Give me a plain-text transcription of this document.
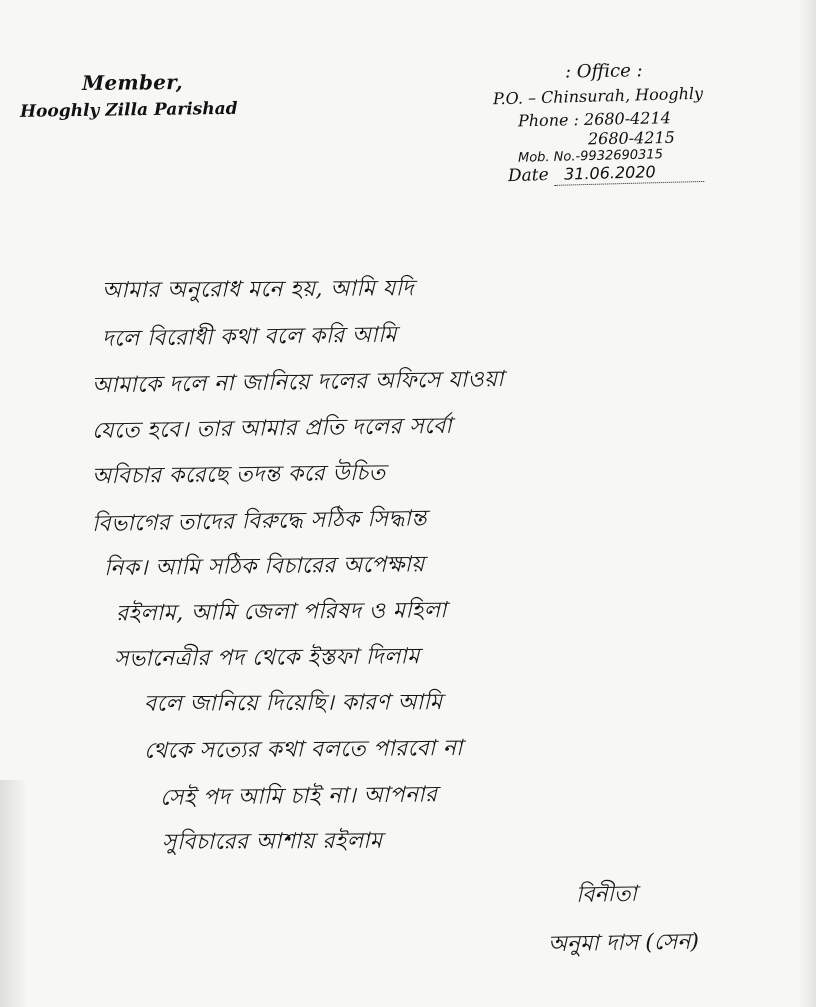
Member,
Hooghly Zilla Parishad
: Office :
P.O. – Chinsurah, Hooghly
Phone : 2680-4214
2680-4215
Mob. No.-9932690315
Date 31.06.2020
আমার অনুরোধ মনে হয়, আমি যদি
দলে বিরোধী কথা বলে করি আমি
আমাকে দলে না জানিয়ে দলের অফিসে যাওয়া
যেতে হবে। তার আমার প্রতি দলের সর্বো
অবিচার করেছে তদন্ত করে উচিত
বিভাগের তাদের বিরুদ্ধে সঠিক সিদ্ধান্ত
নিক। আমি সঠিক বিচারের অপেক্ষায়
রইলাম, আমি জেলা পরিষদ ও মহিলা
সভানেত্রীর পদ থেকে ইস্তফা দিলাম
বলে জানিয়ে দিয়েছি। কারণ আমি
থেকে সত্যের কথা বলতে পারবো না
সেই পদ আমি চাই না। আপনার
সুবিচারের আশায় রইলাম
বিনীতা
অনুমা দাস (সেন)
